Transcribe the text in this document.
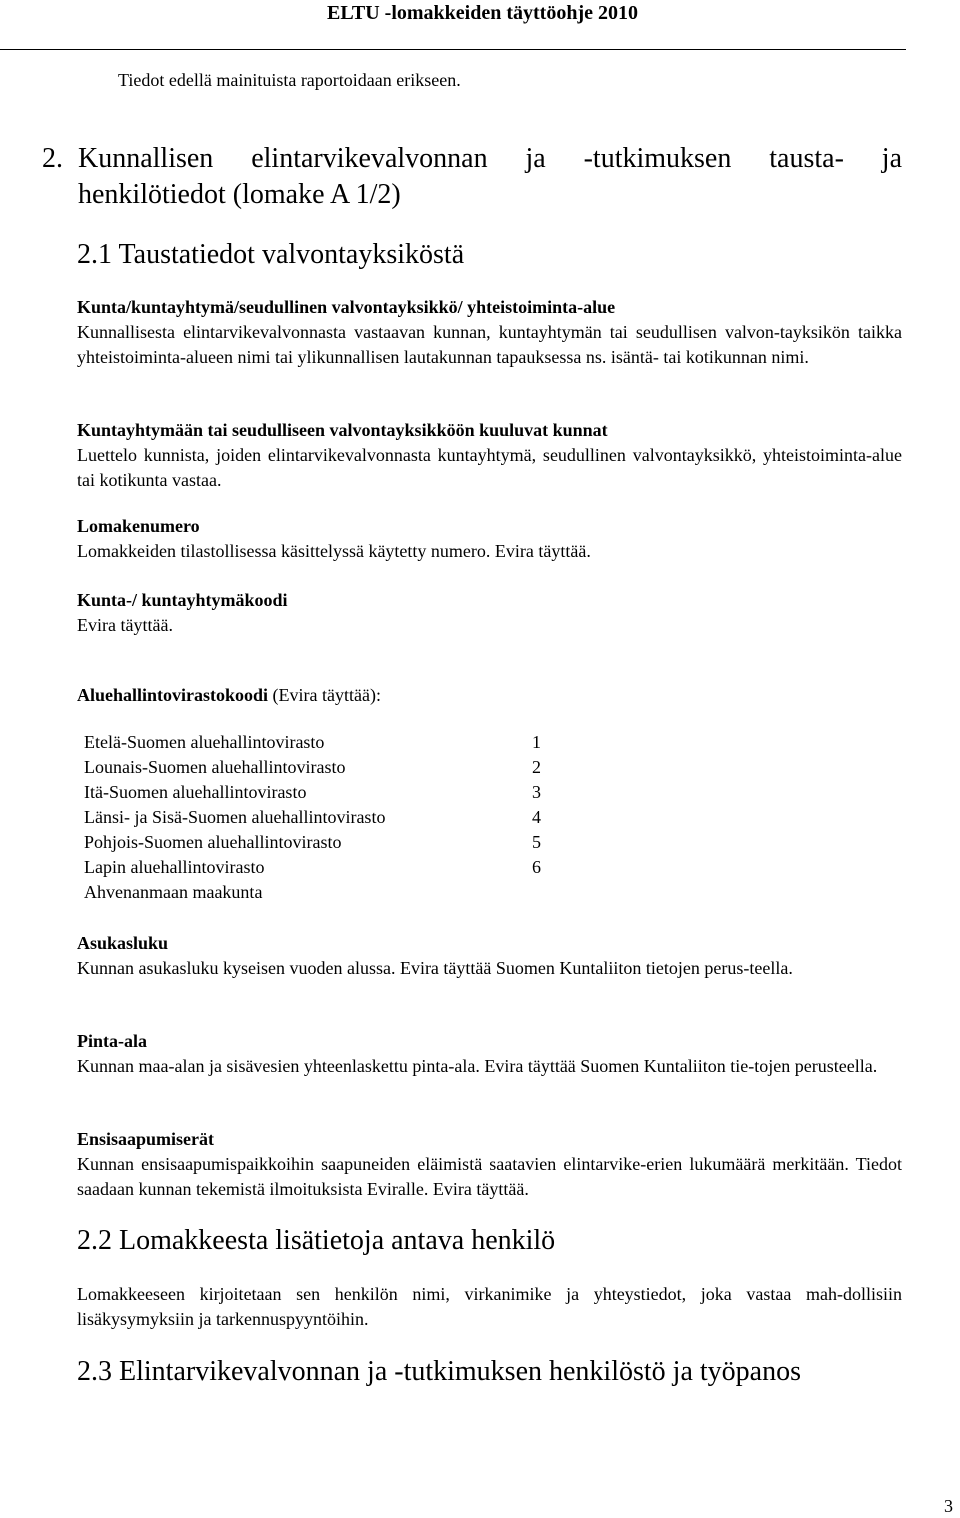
ELTU -lomakkeiden täyttöohje 2010
Tiedot edellä mainituista raportoidaan erikseen.
2. Kunnallisen elintarvikevalvonnan ja -tutkimuksen tausta- ja
henkilötiedot (lomake A 1/2)
2.1 Taustatiedot valvontayksiköstä
Kunta/kuntayhtymä/seudullinen valvontayksikkö/ yhteistoiminta-alue
Kunnallisesta elintarvikevalvonnasta vastaavan kunnan, kuntayhtymän tai seudullisen valvon-tayksikön taikka yhteistoiminta-alueen nimi tai ylikunnallisen lautakunnan tapauksessa ns. isäntä- tai kotikunnan nimi.
Kuntayhtymään tai seudulliseen valvontayksikköön kuuluvat kunnat
Luettelo kunnista, joiden elintarvikevalvonnasta kuntayhtymä, seudullinen valvontayksikkö, yhteistoiminta-alue tai kotikunta vastaa.
Lomakenumero
Lomakkeiden tilastollisessa käsittelyssä käytetty numero. Evira täyttää.
Kunta-/ kuntayhtymäkoodi
Evira täyttää.
Aluehallintovirastokoodi (Evira täyttää):
Etelä-Suomen aluehallintovirasto	1
Lounais-Suomen aluehallintovirasto	2
Itä-Suomen aluehallintovirasto	3
Länsi- ja Sisä-Suomen aluehallintovirasto	4
Pohjois-Suomen aluehallintovirasto	5
Lapin aluehallintovirasto	6
Ahvenanmaan maakunta
Asukasluku
Kunnan asukasluku kyseisen vuoden alussa. Evira täyttää Suomen Kuntaliiton tietojen perus-teella.
Pinta-ala
Kunnan maa-alan ja sisävesien yhteenlaskettu pinta-ala. Evira täyttää Suomen Kuntaliiton tie-tojen perusteella.
Ensisaapumiserät
Kunnan ensisaapumispaikkoihin saapuneiden eläimistä saatavien elintarvike-erien lukumäärä merkitään. Tiedot saadaan kunnan tekemistä ilmoituksista Eviralle. Evira täyttää.
2.2 Lomakkeesta lisätietoja antava henkilö
Lomakkeeseen kirjoitetaan sen henkilön nimi, virkanimike ja yhteystiedot, joka vastaa mah-dollisiin lisäkysymyksiin ja tarkennuspyyntöihin.
2.3 Elintarvikevalvonnan ja -tutkimuksen henkilöstö ja työpanos
3
